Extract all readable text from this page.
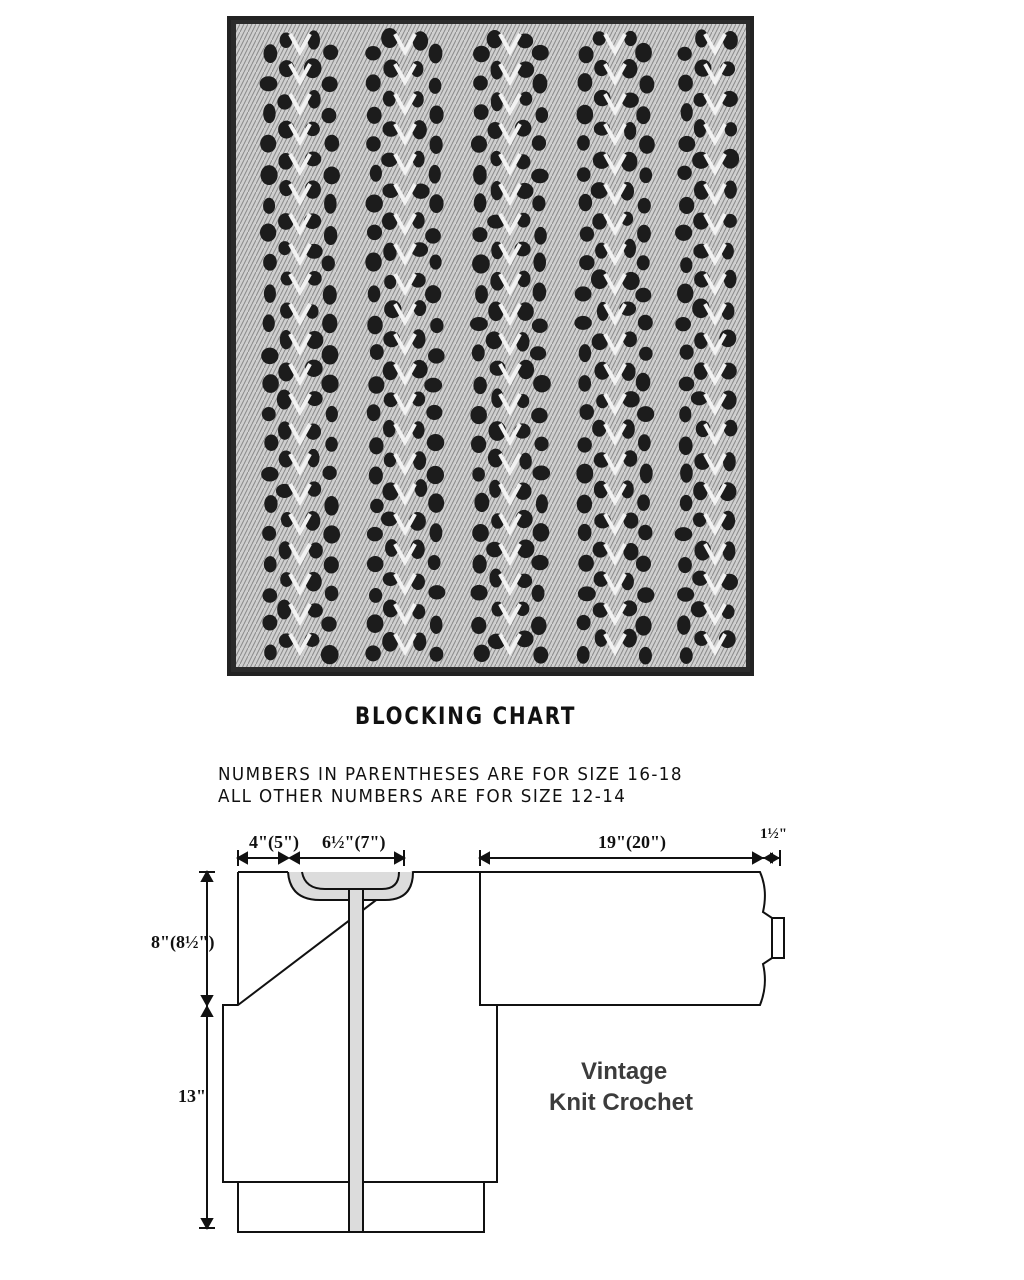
BLOCKING CHART
NUMBERS IN PARENTHESES ARE FOR SIZE 16-18
ALL OTHER NUMBERS ARE FOR SIZE 12-14
4"(5") 6½"(7")	19"(20")	1½"
8"(8½")
13"
Vintage
Knit Crochet
